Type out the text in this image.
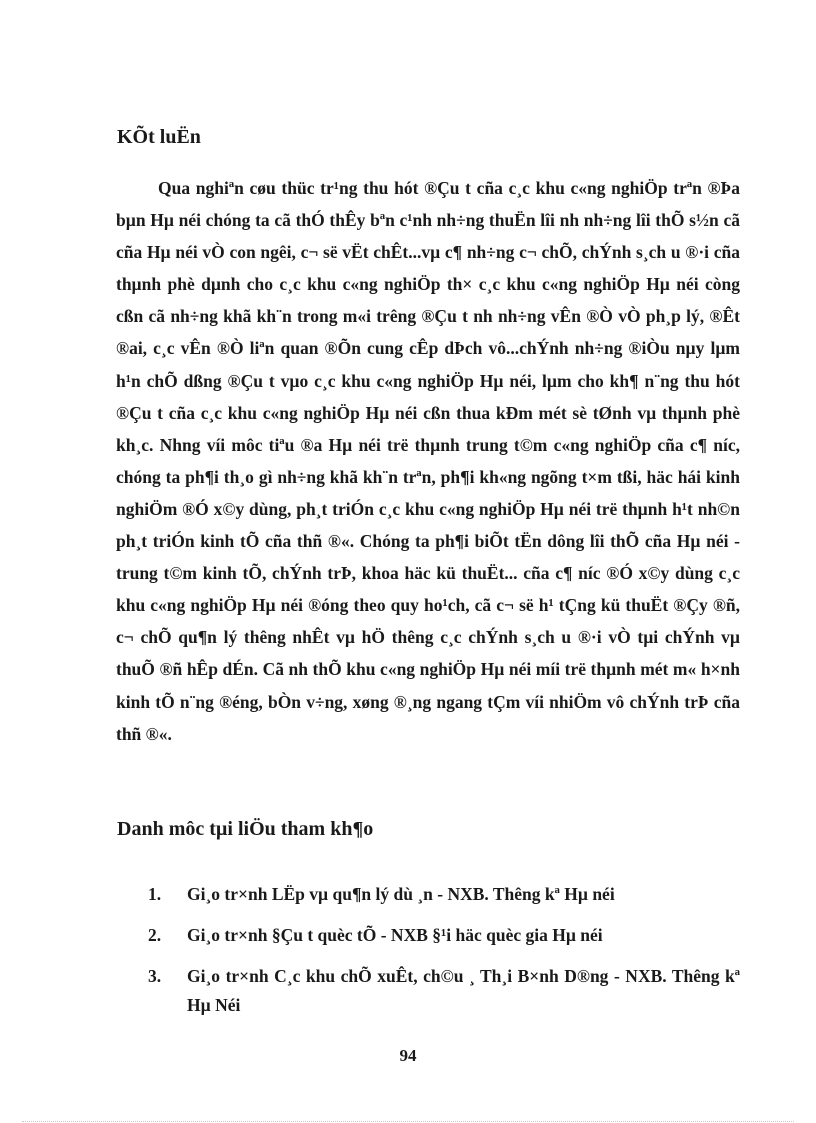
KÕt luËn

Qua nghiªn cøu thüc tr¹ng thu hót ®Çu t cña c¸c khu c«ng nghiÖp trªn ®Þa bµn Hµ néi chóng ta cã thÓ thÊy bªn c¹nh nh÷ng thuËn lîi nh nh÷ng lîi thÕ s½n cã cña Hµ néi vÒ con ngêi, c¬ së vËt chÊt...vµ c¶ nh÷ng c¬ chÕ, chÝnh s¸ch u ®·i cña thµnh phè dµnh cho c¸c khu c«ng nghiÖp th× c¸c khu c«ng nghiÖp Hµ néi còng cßn cã nh÷ng khã kh¨n trong m«i trêng ®Çu t nh nh÷ng vÊn ®Ò vÒ ph¸p lý, ®Êt ®ai, c¸c vÊn ®Ò liªn quan ®Õn cung cÊp dÞch vô...chÝnh nh÷ng ®iÒu nµy lµm h¹n chÕ dßng ®Çu t vµo c¸c khu c«ng nghiÖp Hµ néi, lµm cho kh¶ n¨ng thu hót ®Çu t cña c¸c khu c«ng nghiÖp Hµ néi cßn thua kÐm mét sè tØnh vµ thµnh phè kh¸c. Nhng víi môc tiªu ®a Hµ néi trë thµnh trung t©m c«ng nghiÖp cña c¶ níc, chóng ta ph¶i th¸o gì nh÷ng khã kh¨n trªn, ph¶i kh«ng ngõng t×m tßi, häc hái kinh nghiÖm ®Ó x©y dùng, ph¸t triÓn c¸c khu c«ng nghiÖp Hµ néi trë thµnh h¹t nh©n ph¸t triÓn kinh tÕ cña thñ ®«. Chóng ta ph¶i biÕt tËn dông lîi thÕ cña Hµ néi - trung t©m kinh tÕ, chÝnh trÞ, khoa häc kü thuËt... cña c¶ níc ®Ó x©y dùng c¸c khu c«ng nghiÖp Hµ néi ®óng theo quy ho¹ch, cã c¬ së h¹ tÇng kü thuËt ®Çy ®ñ, c¬ chÕ qu¶n lý thêng nhÊt vµ hÖ thêng c¸c chÝnh s¸ch u ®·i vÒ tµi chÝnh vµ thuÕ ®ñ hÊp dÉn. Cã nh thÕ khu c«ng nghiÖp Hµ néi míi trë thµnh mét m« h×nh kinh tÕ n¨ng ®éng, bÒn v÷ng, xøng ®¸ng ngang tÇm víi nhiÖm vô chÝnh trÞ cña thñ ®«.

Danh môc tµi liÖu tham kh¶o
1.	Gi¸o tr×nh LËp vµ qu¶n lý dù ¸n - NXB. Thêng kª Hµ néi
2.	Gi¸o tr×nh §Çu t quèc tÕ - NXB §¹i häc quèc gia Hµ néi
3.	Gi¸o tr×nh C¸c khu chÕ xuÊt, ch©u ¸ Th¸i B×nh D®ng - NXB. Thêng kª Hµ Néi
94
